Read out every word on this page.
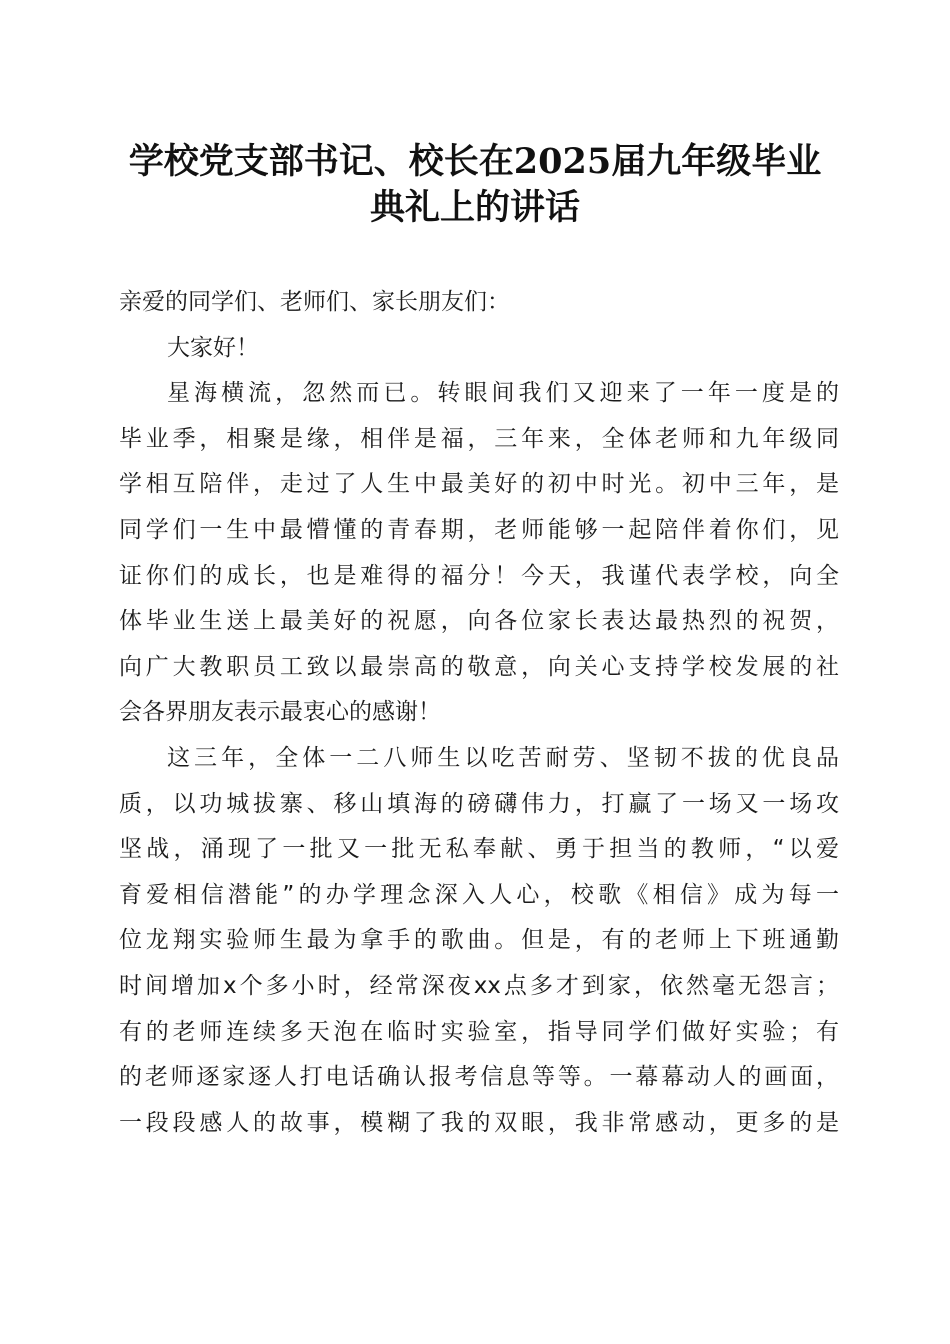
学校党支部书记、校长在2025届九年级毕业
典礼上的讲话
亲爱的同学们、老师们、家长朋友们：
大家好！
星海横流，忽然而已。转眼间我们又迎来了一年一度是的
毕业季，相聚是缘，相伴是福，三年来，全体老师和九年级同
学相互陪伴，走过了人生中最美好的初中时光。初中三年，是
同学们一生中最懵懂的青春期，老师能够一起陪伴着你们，见
证你们的成长，也是难得的福分！今天，我谨代表学校，向全
体毕业生送上最美好的祝愿，向各位家长表达最热烈的祝贺，
向广大教职员工致以最崇高的敬意，向关心支持学校发展的社
会各界朋友表示最衷心的感谢！
这三年，全体一二八师生以吃苦耐劳、坚韧不拔的优良品
质，以功城拔寨、移山填海的磅礴伟力，打赢了一场又一场攻
坚战，涌现了一批又一批无私奉献、勇于担当的教师，“以爱
育爱相信潜能”的办学理念深入人心，校歌《相信》成为每一
位龙翔实验师生最为拿手的歌曲。但是，有的老师上下班通勤
时间增加x个多小时，经常深夜xx点多才到家，依然毫无怨言；
有的老师连续多天泡在临时实验室，指导同学们做好实验；有
的老师逐家逐人打电话确认报考信息等等。一幕幕动人的画面，
一段段感人的故事，模糊了我的双眼，我非常感动，更多的是
